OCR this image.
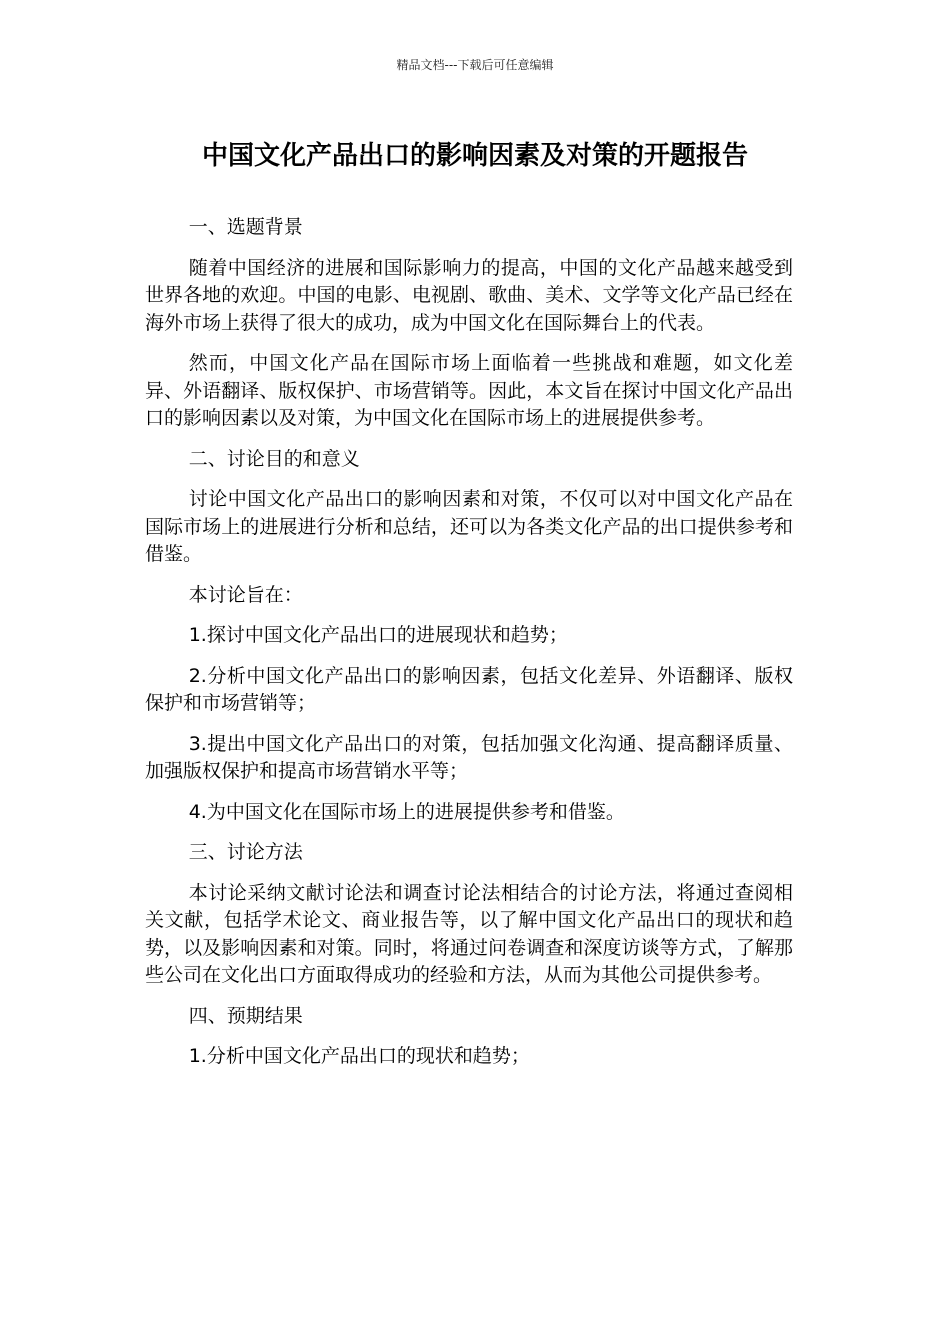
精品文档---下载后可任意编辑
中国文化产品出口的影响因素及对策的开题报告
一、选题背景

随着中国经济的进展和国际影响力的提高，中国的文化产品越来越受到世界各地的欢迎。中国的电影、电视剧、歌曲、美术、文学等文化产品已经在海外市场上获得了很大的成功，成为中国文化在国际舞台上的代表。

然而，中国文化产品在国际市场上面临着一些挑战和难题，如文化差异、外语翻译、版权保护、市场营销等。因此，本文旨在探讨中国文化产品出口的影响因素以及对策，为中国文化在国际市场上的进展提供参考。

二、讨论目的和意义

讨论中国文化产品出口的影响因素和对策，不仅可以对中国文化产品在国际市场上的进展进行分析和总结，还可以为各类文化产品的出口提供参考和借鉴。

本讨论旨在：

1.探讨中国文化产品出口的进展现状和趋势；

2.分析中国文化产品出口的影响因素，包括文化差异、外语翻译、版权保护和市场营销等；

3.提出中国文化产品出口的对策，包括加强文化沟通、提高翻译质量、加强版权保护和提高市场营销水平等；

4.为中国文化在国际市场上的进展提供参考和借鉴。

三、讨论方法

本讨论采纳文献讨论法和调查讨论法相结合的讨论方法，将通过查阅相关文献，包括学术论文、商业报告等，以了解中国文化产品出口的现状和趋势，以及影响因素和对策。同时，将通过问卷调查和深度访谈等方式，了解那些公司在文化出口方面取得成功的经验和方法，从而为其他公司提供参考。

四、预期结果

1.分析中国文化产品出口的现状和趋势；
